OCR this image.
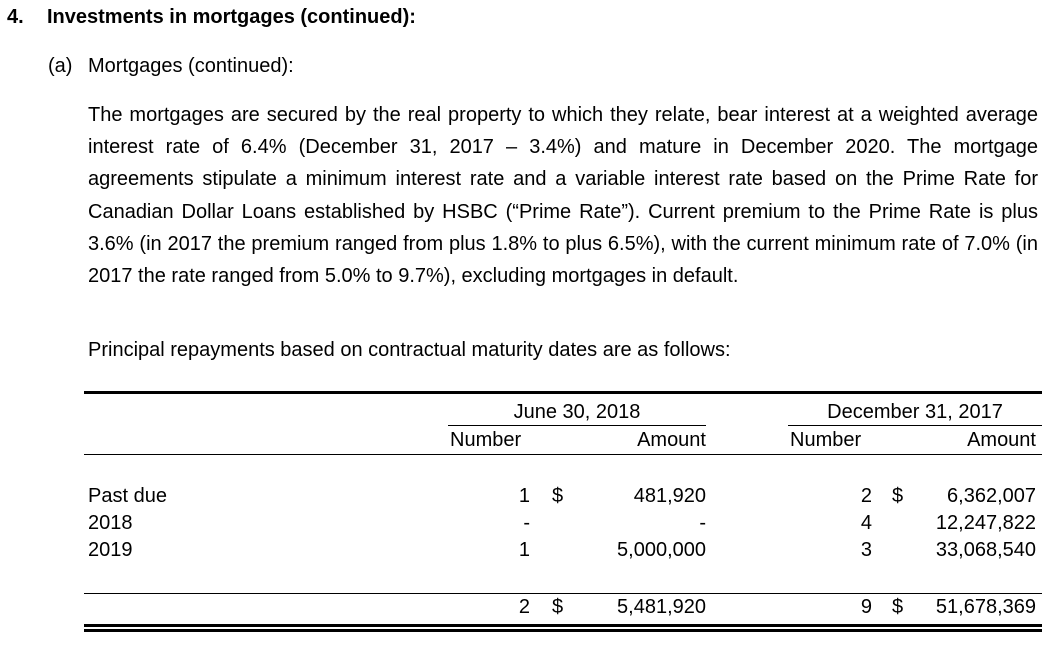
4. Investments in mortgages (continued):
(a) Mortgages (continued):
The mortgages are secured by the real property to which they relate, bear interest at a weighted average interest rate of 6.4% (December 31, 2017 – 3.4%) and mature in December 2020. The mortgage agreements stipulate a minimum interest rate and a variable interest rate based on the Prime Rate for Canadian Dollar Loans established by HSBC (“Prime Rate”). Current premium to the Prime Rate is plus 3.6% (in 2017 the premium ranged from plus 1.8% to plus 6.5%), with the current minimum rate of 7.0% (in 2017 the rate ranged from 5.0% to 9.7%), excluding mortgages in default.
Principal repayments based on contractual maturity dates are as follows:
June 30, 2018	December 31, 2017
Number	Amount	Number	Amount
Past due	1 $	481,920	2 $	6,362,007
2018	-	-	4	12,247,822
2019	1	5,000,000	3	33,068,540
2 $	5,481,920	9 $	51,678,369
